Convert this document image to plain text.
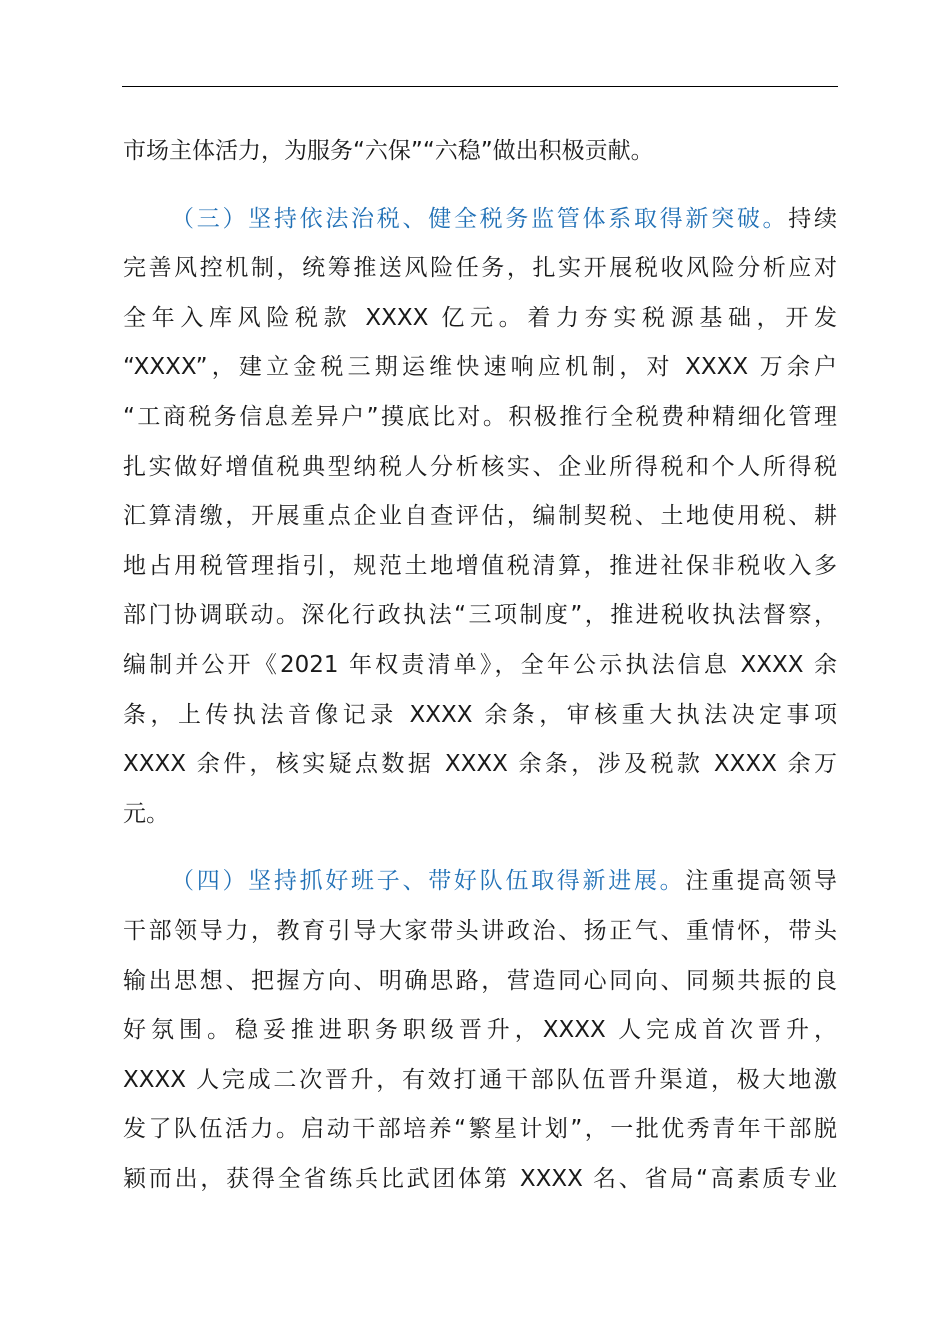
市场主体活力，为服务“六保”“六稳”做出积极贡献。
（三）坚持依法治税、健全税务监管体系取得新突破。持续
完善风控机制，统筹推送风险任务，扎实开展税收风险分析应对
全年入库风险税款 XXXX 亿元。着力夯实税源基础，开发
“XXXX”，建立金税三期运维快速响应机制，对 XXXX 万余户
“工商税务信息差异户”摸底比对。积极推行全税费种精细化管理
扎实做好增值税典型纳税人分析核实、企业所得税和个人所得税
汇算清缴，开展重点企业自查评估，编制契税、土地使用税、耕
地占用税管理指引，规范土地增值税清算，推进社保非税收入多
部门协调联动。深化行政执法“三项制度”，推进税收执法督察，
编制并公开《2021 年权责清单》，全年公示执法信息 XXXX 余
条，上传执法音像记录 XXXX 余条，审核重大执法决定事项
XXXX 余件，核实疑点数据 XXXX 余条，涉及税款 XXXX 余万
元。
（四）坚持抓好班子、带好队伍取得新进展。注重提高领导
干部领导力，教育引导大家带头讲政治、扬正气、重情怀，带头
输出思想、把握方向、明确思路，营造同心同向、同频共振的良
好氛围。稳妥推进职务职级晋升，XXXX 人完成首次晋升，
XXXX 人完成二次晋升，有效打通干部队伍晋升渠道，极大地激
发了队伍活力。启动干部培养“繁星计划”，一批优秀青年干部脱
颖而出，获得全省练兵比武团体第 XXXX 名、省局“高素质专业
